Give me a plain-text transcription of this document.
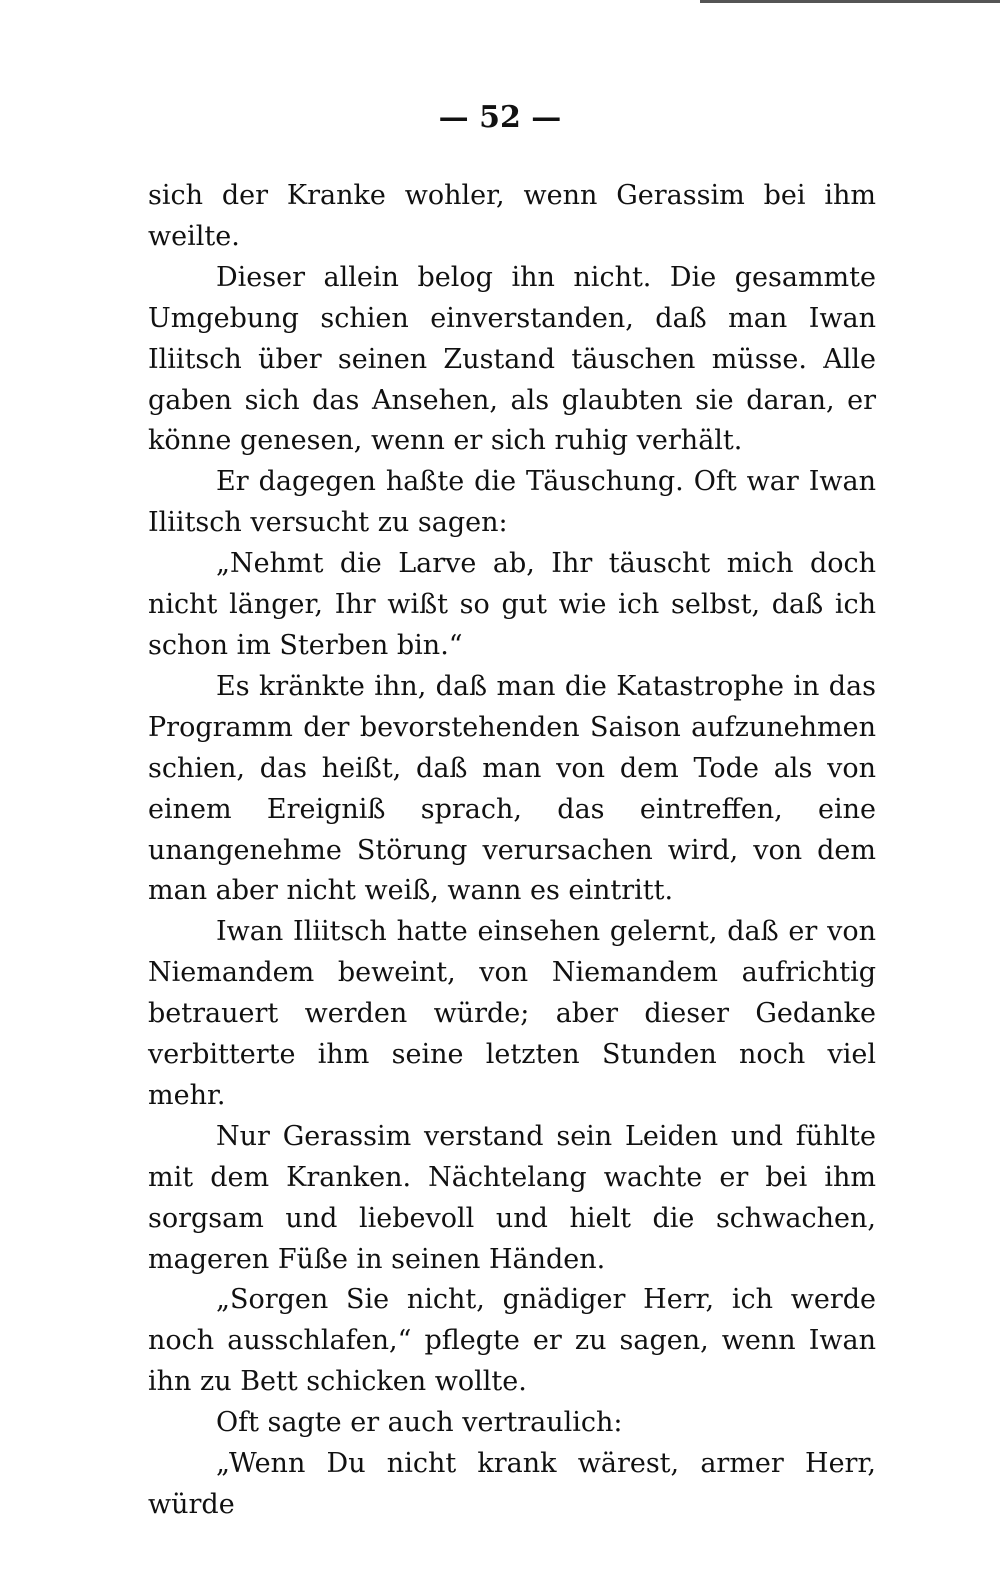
— 52 —

sich der Kranke wohler, wenn Gerassim bei ihm weilte.

Dieser allein belog ihn nicht. Die gesammte Umgebung schien einverstanden, daß man Iwan Iliitsch über seinen Zustand täuschen müsse. Alle gaben sich das Ansehen, als glaubten sie daran, er könne genesen, wenn er sich ruhig verhält.

Er dagegen haßte die Täuschung. Oft war Iwan Iliitsch versucht zu sagen:

„Nehmt die Larve ab, Ihr täuscht mich doch nicht länger, Ihr wißt so gut wie ich selbst, daß ich schon im Sterben bin.“

Es kränkte ihn, daß man die Katastrophe in das Programm der bevorstehenden Saison aufzunehmen schien, das heißt, daß man von dem Tode als von einem Ereigniß sprach, das eintreffen, eine unangenehme Störung verursachen wird, von dem man aber nicht weiß, wann es eintritt.

Iwan Iliitsch hatte einsehen gelernt, daß er von Niemandem beweint, von Niemandem aufrichtig betrauert werden würde; aber dieser Gedanke verbitterte ihm seine letzten Stunden noch viel mehr.

Nur Gerassim verstand sein Leiden und fühlte mit dem Kranken. Nächtelang wachte er bei ihm sorgsam und liebevoll und hielt die schwachen, mageren Füße in seinen Händen.

„Sorgen Sie nicht, gnädiger Herr, ich werde noch ausschlafen,“ pflegte er zu sagen, wenn Iwan ihn zu Bett schicken wollte.

Oft sagte er auch vertraulich:

„Wenn Du nicht krank wärest, armer Herr, würde
